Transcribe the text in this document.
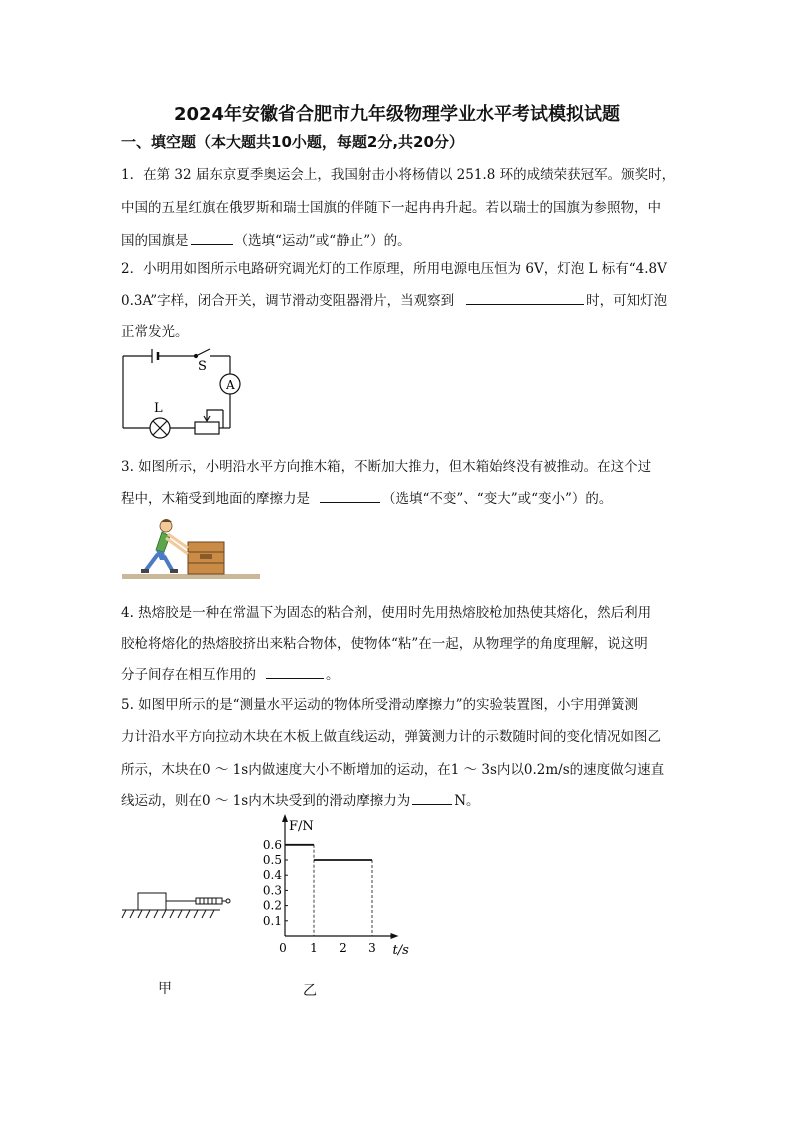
2024年安徽省合肥市九年级物理学业水平考试模拟试题
一、填空题（本大题共10小题，每题2分,共20分）
1．在第 32 届东京夏季奥运会上，我国射击小将杨倩以 251.8 环的成绩荣获冠军。颁奖时，
中国的五星红旗在俄罗斯和瑞士国旗的伴随下一起冉冉升起。若以瑞士的国旗为参照物，中
国的国旗是	（选填“运动”或“静止”）的。
2．小明用如图所示电路研究调光灯的工作原理，所用电源电压恒为 6V，灯泡 L 标有“4.8V
0.3A”字样，闭合开关，调节滑动变阻器滑片，当观察到	时，可知灯泡
正常发光。
S
A
L
3. 如图所示，小明沿水平方向推木箱，不断加大推力，但木箱始终没有被推动。在这个过
程中，木箱受到地面的摩擦力是	（选填“不变”、“变大”或“变小”）的。
4. 热熔胶是一种在常温下为固态的粘合剂，使用时先用热熔胶枪加热使其熔化，然后利用
胶枪将熔化的热熔胶挤出来粘合物体，使物体“粘”在一起，从物理学的角度理解，说这明
分子间存在相互作用的	。
5. 如图甲所示的是“测量水平运动的物体所受滑动摩擦力”的实验装置图，小宇用弹簧测
力计沿水平方向拉动木块在木板上做直线运动，弹簧测力计的示数随时间的变化情况如图乙
所示，木块在0 ～ 1s内做速度大小不断增加的运动，在1 ～ 3s内以0.2m/s的速度做匀速直
线运动，则在0 ～ 1s内木块受到的滑动摩擦力为	N。
0.6
0.5
0.4
0.3
0.2
0.1
0 1 2 3
F/N
t/s
甲	乙
